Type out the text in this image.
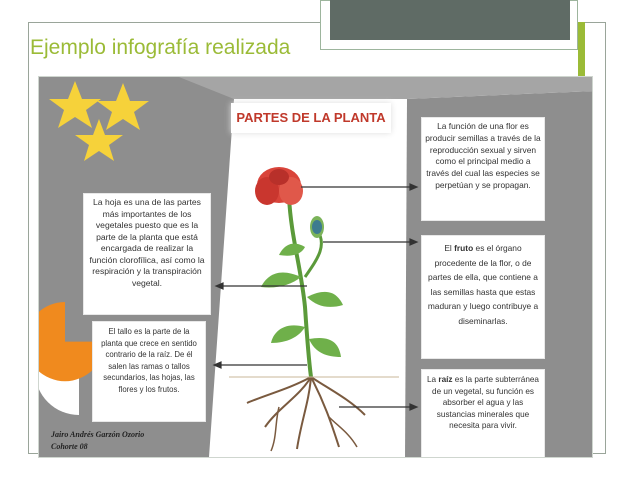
Ejemplo infografía realizada
PARTES DE LA PLANTA

La hoja es una de las partes más importantes de los vegetales puesto que es la parte de la planta que está encargada de realizar la función clorofílica, así como la respiración y la transpiración vegetal.

El tallo es la parte de la planta que crece en sentido contrario de la raíz. De él salen las ramas o tallos secundarios, las hojas, las flores y los frutos.

La función de una flor es producir semillas a través de la reproducción sexual y sirven como el principal medio a través del cual las especies se perpetúan y se propagan.

El fruto es el órgano procedente de la flor, o de partes de ella, que contiene a las semillas hasta que estas maduran y luego contribuye a diseminarlas.

La raíz es la parte subterránea de un vegetal, su función es absorber el agua y las sustancias minerales que necesita para vivir.

Jairo Andrés Garzón Ozorio
Cohorte 08
